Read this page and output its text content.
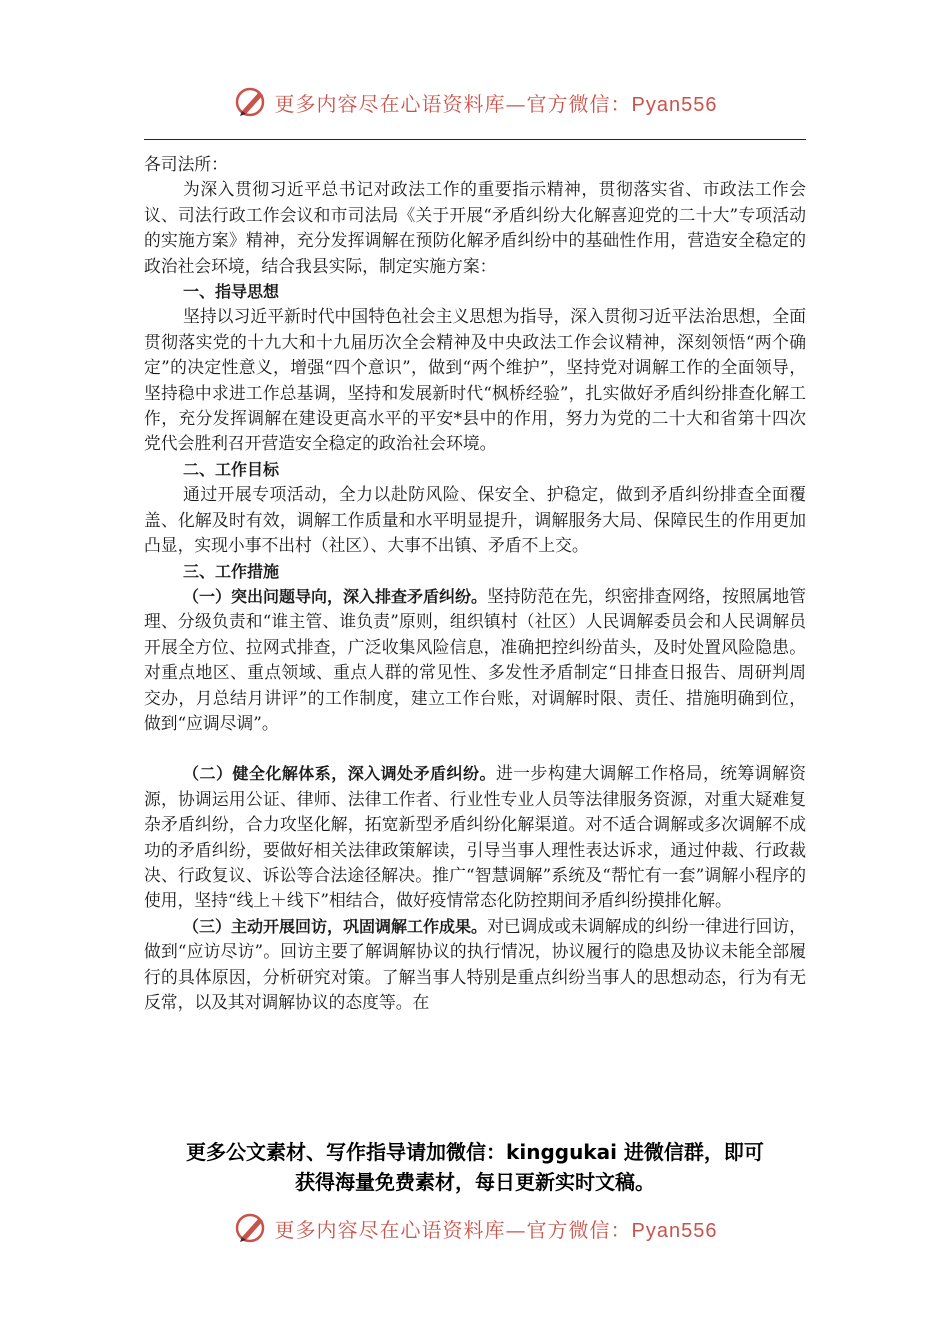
更多内容尽在心语资料库—官方微信：Pyan556

各司法所：

为深入贯彻习近平总书记对政法工作的重要指示精神，贯彻落实省、市政法工作会议、司法行政工作会议和市司法局《关于开展“矛盾纠纷大化解喜迎党的二十大”专项活动的实施方案》精神，充分发挥调解在预防化解矛盾纠纷中的基础性作用，营造安全稳定的政治社会环境，结合我县实际，制定实施方案：

一、指导思想

坚持以习近平新时代中国特色社会主义思想为指导，深入贯彻习近平法治思想，全面贯彻落实党的十九大和十九届历次全会精神及中央政法工作会议精神，深刻领悟“两个确定”的决定性意义，增强“四个意识”，做到“两个维护”，坚持党对调解工作的全面领导，坚持稳中求进工作总基调，坚持和发展新时代“枫桥经验”，扎实做好矛盾纠纷排查化解工作，充分发挥调解在建设更高水平的平安*县中的作用，努力为党的二十大和省第十四次党代会胜利召开营造安全稳定的政治社会环境。

二、工作目标

通过开展专项活动，全力以赴防风险、保安全、护稳定，做到矛盾纠纷排查全面覆盖、化解及时有效，调解工作质量和水平明显提升，调解服务大局、保障民生的作用更加凸显，实现小事不出村（社区）、大事不出镇、矛盾不上交。

三、工作措施

（一）突出问题导向，深入排查矛盾纠纷。坚持防范在先，织密排查网络，按照属地管理、分级负责和“谁主管、谁负责”原则，组织镇村（社区）人民调解委员会和人民调解员开展全方位、拉网式排查，广泛收集风险信息，准确把控纠纷苗头，及时处置风险隐患。对重点地区、重点领域、重点人群的常见性、多发性矛盾制定“日排查日报告、周研判周交办，月总结月讲评”的工作制度，建立工作台账，对调解时限、责任、措施明确到位，做到“应调尽调”。

（二）健全化解体系，深入调处矛盾纠纷。进一步构建大调解工作格局，统筹调解资源，协调运用公证、律师、法律工作者、行业性专业人员等法律服务资源，对重大疑难复杂矛盾纠纷，合力攻坚化解，拓宽新型矛盾纠纷化解渠道。对不适合调解或多次调解不成功的矛盾纠纷，要做好相关法律政策解读，引导当事人理性表达诉求，通过仲裁、行政裁决、行政复议、诉讼等合法途径解决。推广“智慧调解”系统及“帮忙有一套”调解小程序的使用，坚持“线上＋线下”相结合，做好疫情常态化防控期间矛盾纠纷摸排化解。

（三）主动开展回访，巩固调解工作成果。对已调成或未调解成的纠纷一律进行回访，做到“应访尽访”。回访主要了解调解协议的执行情况，协议履行的隐患及协议未能全部履行的具体原因，分析研究对策。了解当事人特别是重点纠纷当事人的思想动态，行为有无反常，以及其对调解协议的态度等。在

更多公文素材、写作指导请加微信：kinggukai 进微信群，即可
获得海量免费素材，每日更新实时文稿。
更多内容尽在心语资料库—官方微信：Pyan556
